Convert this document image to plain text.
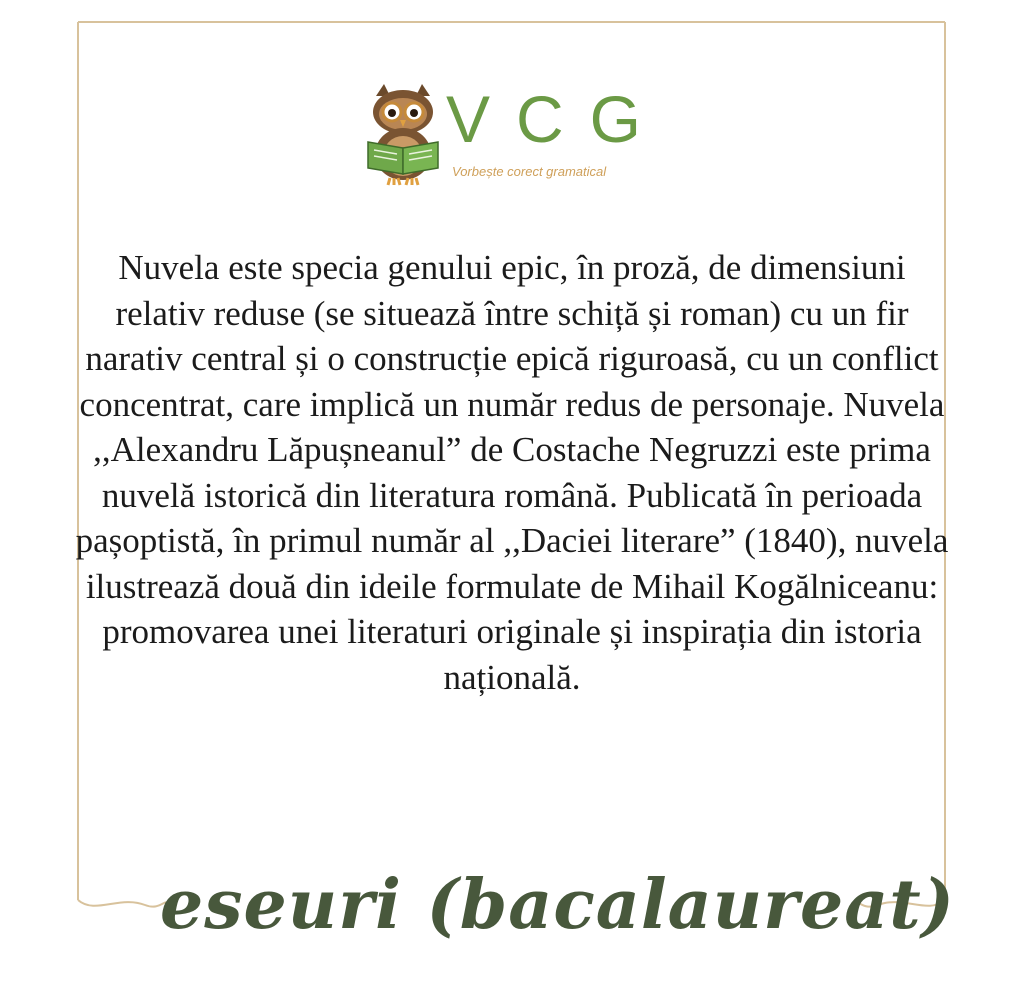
VCG
Vorbește corect gramatical
Nuvela este specia genului epic, în proză, de dimensiuni relativ reduse (se situează între schiță și roman) cu un fir narativ central și o construcție epică riguroasă, cu un conflict concentrat, care implică un număr redus de personaje. Nuvela ,,Alexandru Lăpușneanul” de Costache Negruzzi este prima nuvelă istorică din literatura română. Publicată în perioada pașoptistă, în primul număr al ,,Daciei literare” (1840), nuvela ilustrează două din ideile formulate de Mihail Kogălniceanu: promovarea unei literaturi originale și inspirația din istoria națională.
eseuri (bacalaureat)
